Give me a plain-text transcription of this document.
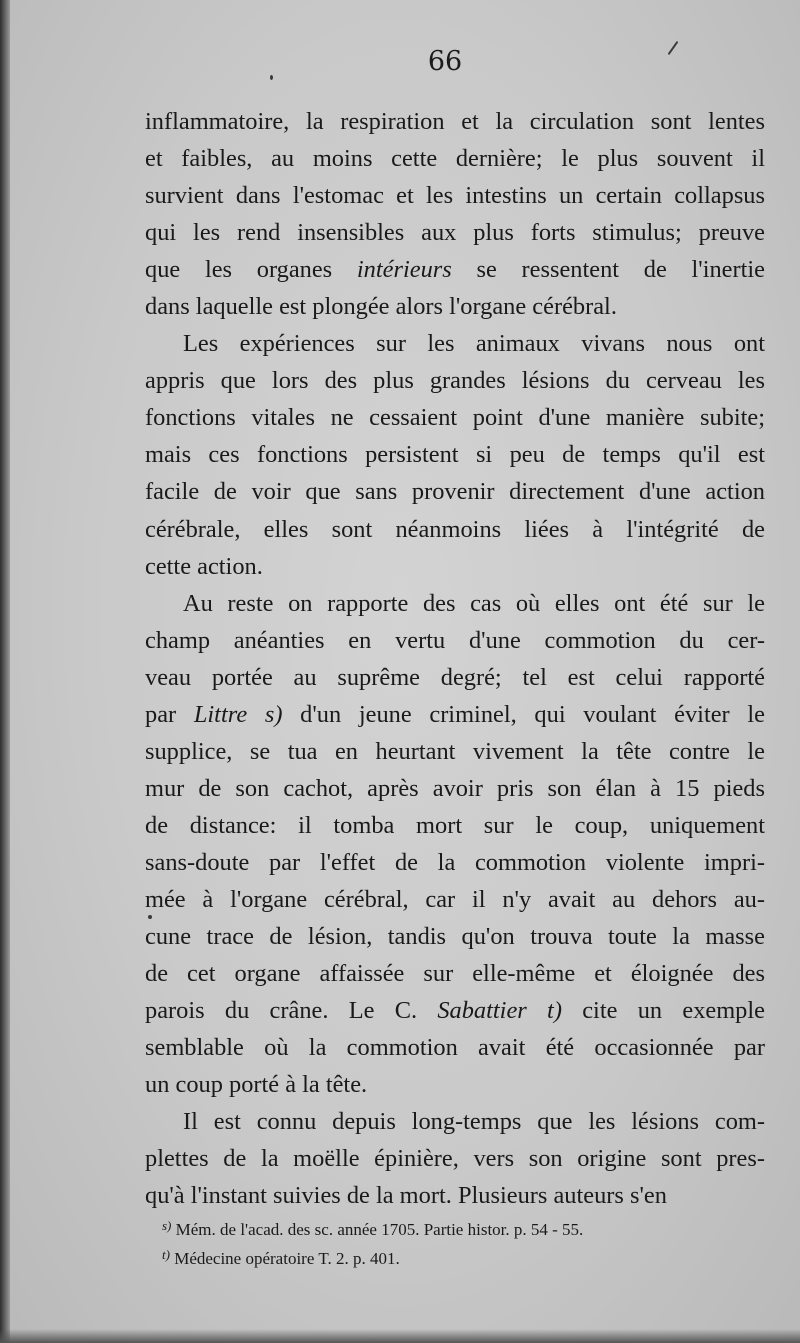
66
inflammatoire, la respiration et la circulation sont lentes
et faibles, au moins cette dernière; le plus souvent il
survient dans l'estomac et les intestins un certain collapsus
qui les rend insensibles aux plus forts stimulus; preuve
que les organes intérieurs se ressentent de l'inertie
dans laquelle est plongée alors l'organe cérébral.
Les expériences sur les animaux vivans nous ont
appris que lors des plus grandes lésions du cerveau les
fonctions vitales ne cessaient point d'une manière subite;
mais ces fonctions persistent si peu de temps qu'il est
facile de voir que sans provenir directement d'une action
cérébrale, elles sont néanmoins liées à l'intégrité de
cette action.
Au reste on rapporte des cas où elles ont été sur le
champ anéanties en vertu d'une commotion du cer-
veau portée au suprême degré; tel est celui rapporté
par Littre s) d'un jeune criminel, qui voulant éviter le
supplice, se tua en heurtant vivement la tête contre le
mur de son cachot, après avoir pris son élan à 15 pieds
de distance: il tomba mort sur le coup, uniquement
sans-doute par l'effet de la commotion violente impri-
mée à l'organe cérébral, car il n'y avait au dehors au-
cune trace de lésion, tandis qu'on trouva toute la masse
de cet organe affaissée sur elle-même et éloignée des
parois du crâne. Le C. Sabattier t) cite un exemple
semblable où la commotion avait été occasionnée par
un coup porté à la tête.
Il est connu depuis long-temps que les lésions com-
plettes de la moëlle épinière, vers son origine sont pres-
qu'à l'instant suivies de la mort. Plusieurs auteurs s'en
$^{s)}$ Mém. de l'acad. des sc. année 1705. Partie histor. p. 54 - 55.
$^{t)}$ Médecine opératoire T. 2. p. 401.
